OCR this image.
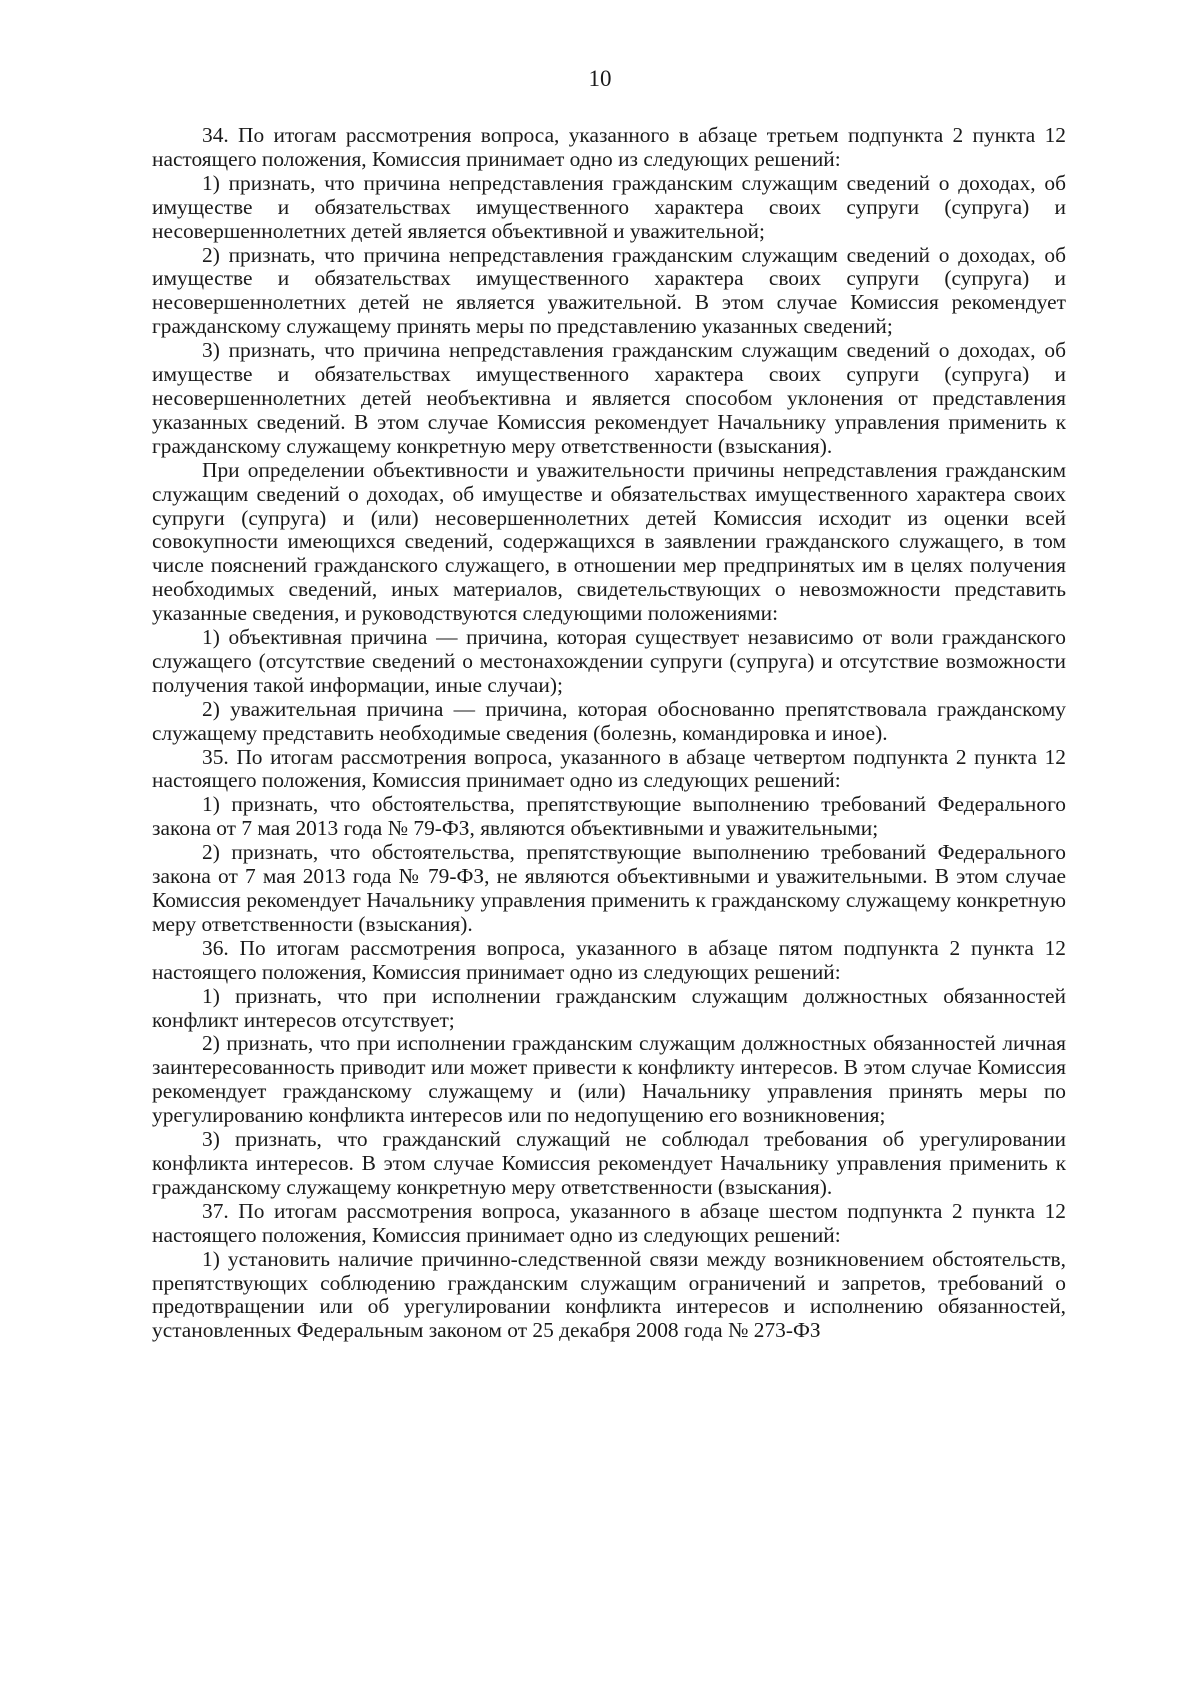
10

34. По итогам рассмотрения вопроса, указанного в абзаце третьем подпункта 2 пункта 12 настоящего положения, Комиссия принимает одно из следующих решений:

1) признать, что причина непредставления гражданским служащим сведений о доходах, об имуществе и обязательствах имущественного характера своих супруги (супруга) и несовершеннолетних детей является объективной и уважительной;

2) признать, что причина непредставления гражданским служащим сведений о доходах, об имуществе и обязательствах имущественного характера своих супруги (супруга) и несовершеннолетних детей не является уважительной. В этом случае Комиссия рекомендует гражданскому служащему принять меры по представлению указанных сведений;

3) признать, что причина непредставления гражданским служащим сведений о доходах, об имуществе и обязательствах имущественного характера своих супруги (супруга) и несовершеннолетних детей необъективна и является способом уклонения от представления указанных сведений. В этом случае Комиссия рекомендует Начальнику управления применить к гражданскому служащему конкретную меру ответственности (взыскания).

При определении объективности и уважительности причины непредставления гражданским служащим сведений о доходах, об имуществе и обязательствах имущественного характера своих супруги (супруга) и (или) несовершеннолетних детей Комиссия исходит из оценки всей совокупности имеющихся сведений, содержащихся в заявлении гражданского служащего, в том числе пояснений гражданского служащего, в отношении мер предпринятых им в целях получения необходимых сведений, иных материалов, свидетельствующих о невозможности представить указанные сведения, и руководствуются следующими положениями:

1) объективная причина — причина, которая существует независимо от воли гражданского служащего (отсутствие сведений о местонахождении супруги (супруга) и отсутствие возможности получения такой информации, иные случаи);

2) уважительная причина — причина, которая обоснованно препятствовала гражданскому служащему представить необходимые сведения (болезнь, командировка и иное).

35. По итогам рассмотрения вопроса, указанного в абзаце четвертом подпункта 2 пункта 12 настоящего положения, Комиссия принимает одно из следующих решений:

1) признать, что обстоятельства, препятствующие выполнению требований Федерального закона от 7 мая 2013 года № 79-ФЗ, являются объективными и уважительными;

2) признать, что обстоятельства, препятствующие выполнению требований Федерального закона от 7 мая 2013 года № 79-ФЗ, не являются объективными и уважительными. В этом случае Комиссия рекомендует Начальнику управления применить к гражданскому служащему конкретную меру ответственности (взыскания).

36. По итогам рассмотрения вопроса, указанного в абзаце пятом подпункта 2 пункта 12 настоящего положения, Комиссия принимает одно из следующих решений:

1) признать, что при исполнении гражданским служащим должностных обязанностей конфликт интересов отсутствует;

2) признать, что при исполнении гражданским служащим должностных обязанностей личная заинтересованность приводит или может привести к конфликту интересов. В этом случае Комиссия рекомендует гражданскому служащему и (или) Начальнику управления принять меры по урегулированию конфликта интересов или по недопущению его возникновения;

3) признать, что гражданский служащий не соблюдал требования об урегулировании конфликта интересов. В этом случае Комиссия рекомендует Начальнику управления применить к гражданскому служащему конкретную меру ответственности (взыскания).

37. По итогам рассмотрения вопроса, указанного в абзаце шестом подпункта 2 пункта 12 настоящего положения, Комиссия принимает одно из следующих решений:

1) установить наличие причинно-следственной связи между возникновением обстоятельств, препятствующих соблюдению гражданским служащим ограничений и запретов, требований о предотвращении или об урегулировании конфликта интересов и исполнению обязанностей, установленных Федеральным законом от 25 декабря 2008 года № 273-ФЗ
